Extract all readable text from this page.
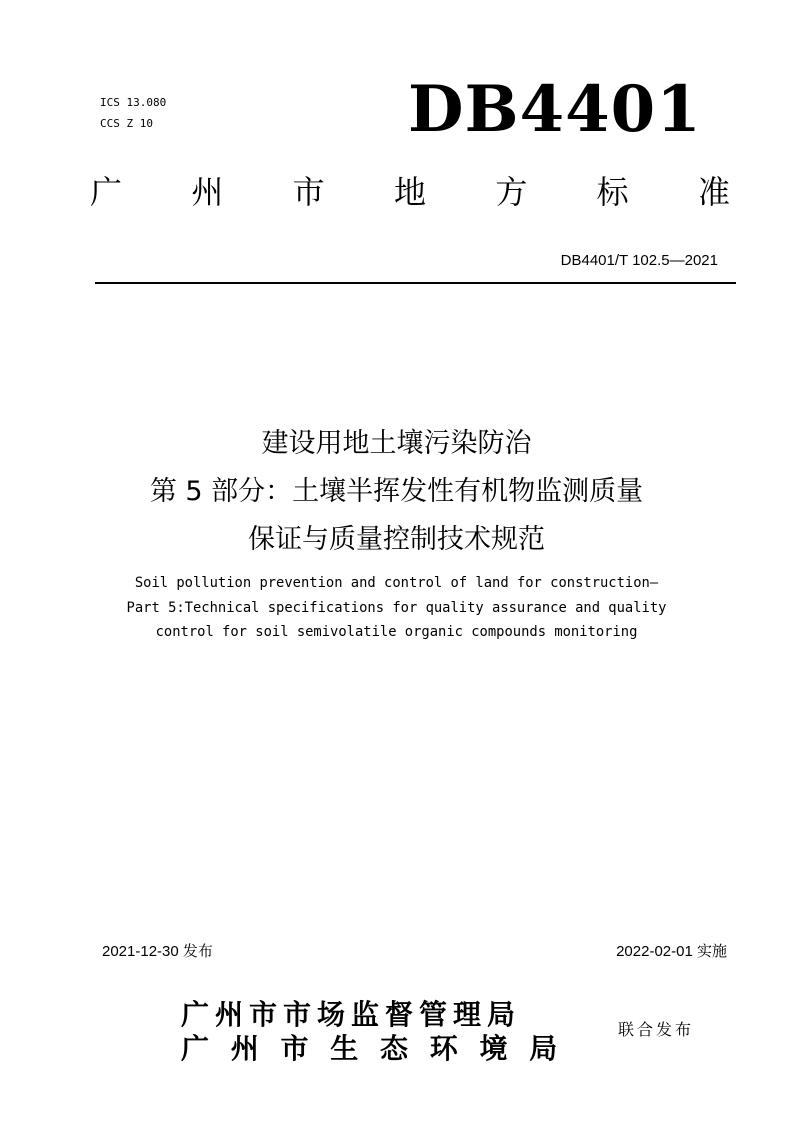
ICS 13.080
CCS Z 10	DB4401
广 州 市 地 方 标 准
DB4401/T 102.5—2021
建设用地土壤污染防治
第 5 部分：土壤半挥发性有机物监测质量
保证与质量控制技术规范
Soil pollution prevention and control of land for construction—
Part 5:Technical specifications for quality assurance and quality
control for soil semivolatile organic compounds monitoring
2021-12-30 发布	2022-02-01 实施
广州市市场监督管理局
广 州 市 生 态 环 境 局
联合发布
